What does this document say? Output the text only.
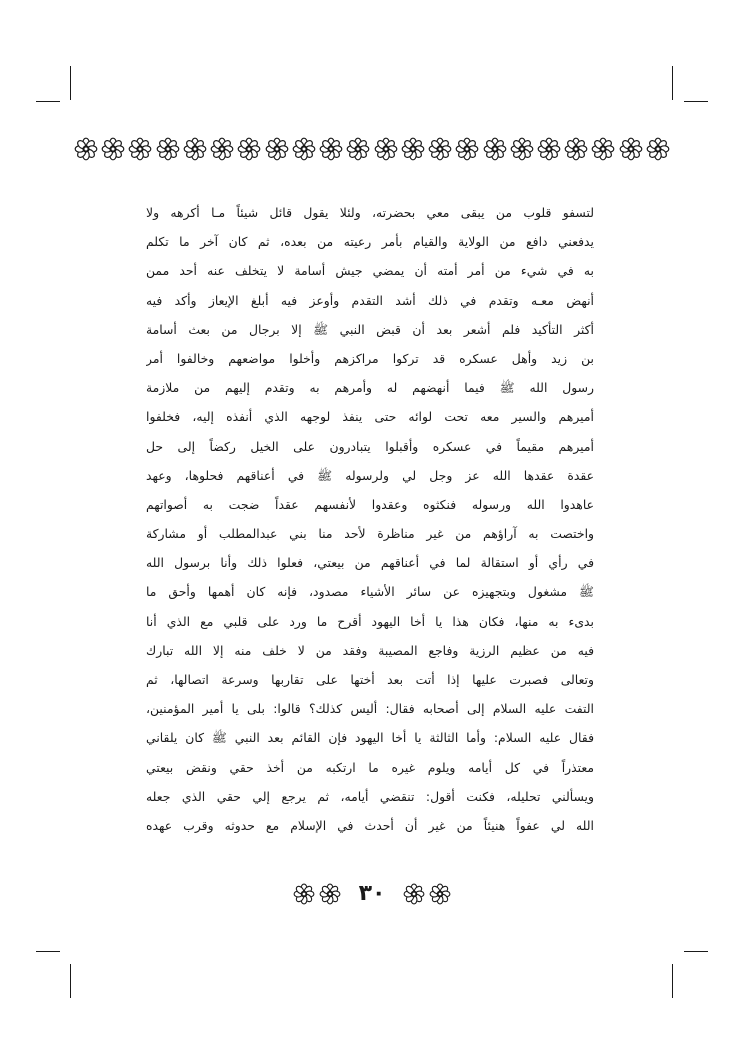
لتسفو قلوب من يبقى معي بحضرته، ولئلا يقول قائل شيئاً مـا أكرهه ولا
يدفعني دافع من الولاية والقيام بأمر رعيته من بعده، ثم كان آخر ما تكلم
به في شيء من أمر أمته أن يمضي جيش أسامة لا يتخلف عنه أحد ممن
أنهض معـه وتقدم في ذلك أشد التقدم وأوعز فيه أبلغ الإيعاز وأكد فيه
أكثر التأكيد فلم أشعر بعد أن قبض النبي ﷺ إلا برجال من بعث أسامة
بن زيد وأهل عسكره قد تركوا مراكزهم وأخلوا مواضعهم وخالفوا أمر
رسول الله ﷺ فيما أنهضهم له وأمرهم به وتقدم إليهم من ملازمة
أميرهم والسير معه تحت لوائه حتى ينفذ لوجهه الذي أنفذه إليه، فخلفوا
أميرهم مقيماً في عسكره وأقبلوا يتبادرون على الخيل ركضاً إلى حل
عقدة عقدها الله عز وجل لي ولرسوله ﷺ في أعناقهم فحلوها، وعهد
عاهدوا الله ورسوله فنكثوه وعقدوا لأنفسهم عقداً ضجت به أصواتهم
واختصت به آراؤهم من غير مناظرة لأحد منا بني عبدالمطلب أو مشاركة
في رأي أو استقالة لما في أعناقهم من بيعتي، فعلوا ذلك وأنا برسول الله
ﷺ مشغول وبتجهيزه عن سائر الأشياء مصدود، فإنه كان أهمها وأحق ما
بدىء به منها، فكان هذا يا أخا اليهود أقرح ما ورد على قلبي مع الذي أنا
فيه من عظيم الرزية وفاجع المصيبة وفقد من لا خلف منه إلا الله تبارك
وتعالى فصبرت عليها إذا أتت بعد أختها على تقاربها وسرعة اتصالها، ثم
التفت عليه السلام إلى أصحابه فقال: أليس كذلك؟ قالوا: بلى يا أمير المؤمنين،
فقال عليه السلام: وأما الثالثة يا أخا اليهود فإن القائم بعد النبي ﷺ كان يلقاني
معتذراً في كل أيامه ويلوم غيره ما ارتكبه من أخذ حقي ونقض بيعتي
ويسألني تحليله، فكنت أقول: تنقضي أيامه، ثم يرجع إلي حقي الذي جعله
الله لي عفواً هنيئاً من غير أن أحدث في الإسلام مع حدوثه وقرب عهده
٣٠
